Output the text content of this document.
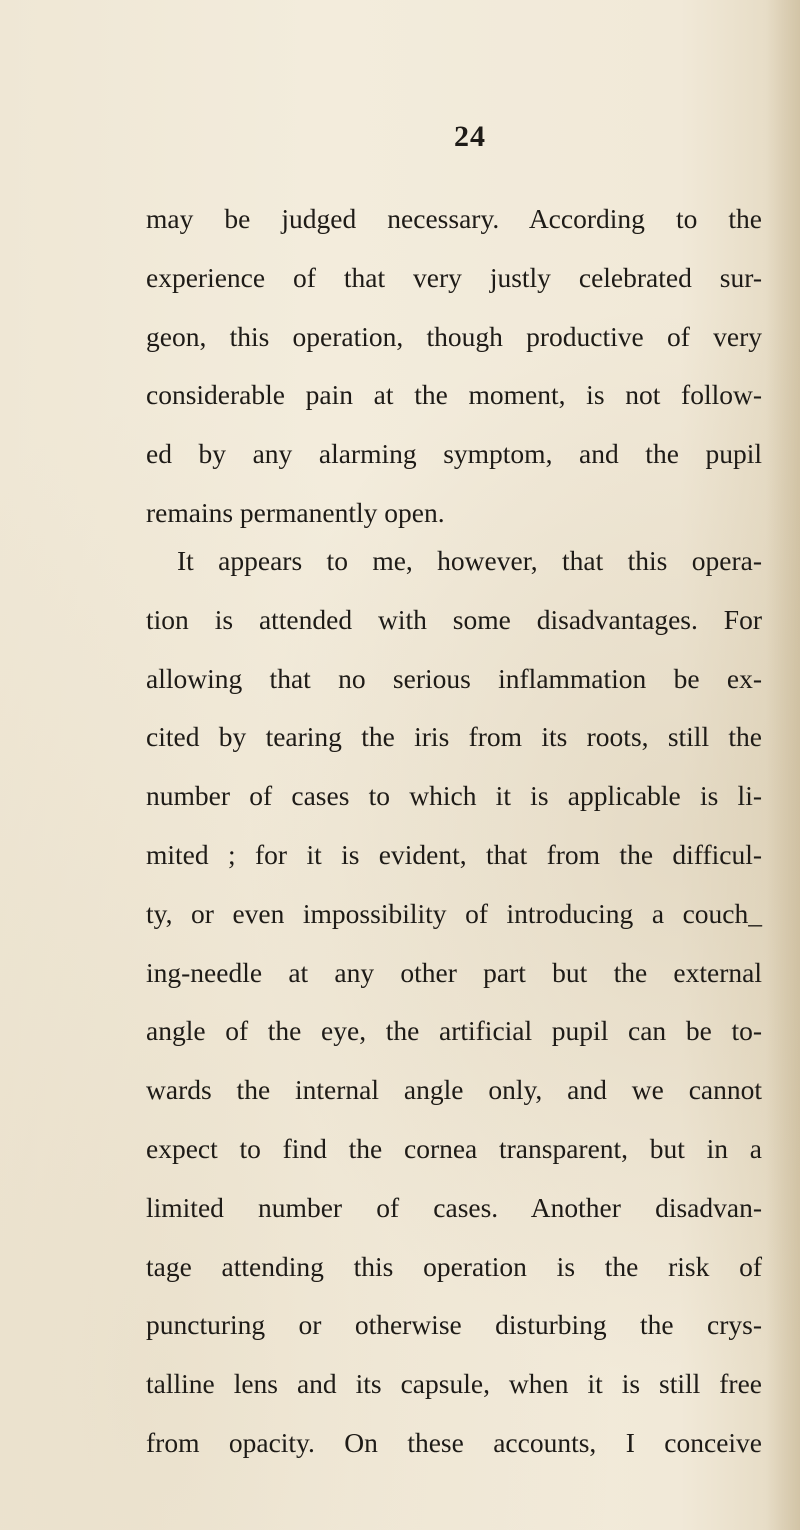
24
may be judged necessary. According to the
experience of that very justly celebrated sur-
geon, this operation, though productive of very
considerable pain at the moment, is not follow-
ed by any alarming symptom, and the pupil
remains permanently open.
It appears to me, however, that this opera-
tion is attended with some disadvantages. For
allowing that no serious inflammation be ex-
cited by tearing the iris from its roots, still the
number of cases to which it is applicable is li-
mited ; for it is evident, that from the difficul-
ty, or even impossibility of introducing a couch_
ing-needle at any other part but the external
angle of the eye, the artificial pupil can be to-
wards the internal angle only, and we cannot
expect to find the cornea transparent, but in a
limited number of cases. Another disadvan-
tage attending this operation is the risk of
puncturing or otherwise disturbing the crys-
talline lens and its capsule, when it is still free
from opacity. On these accounts, I conceive
